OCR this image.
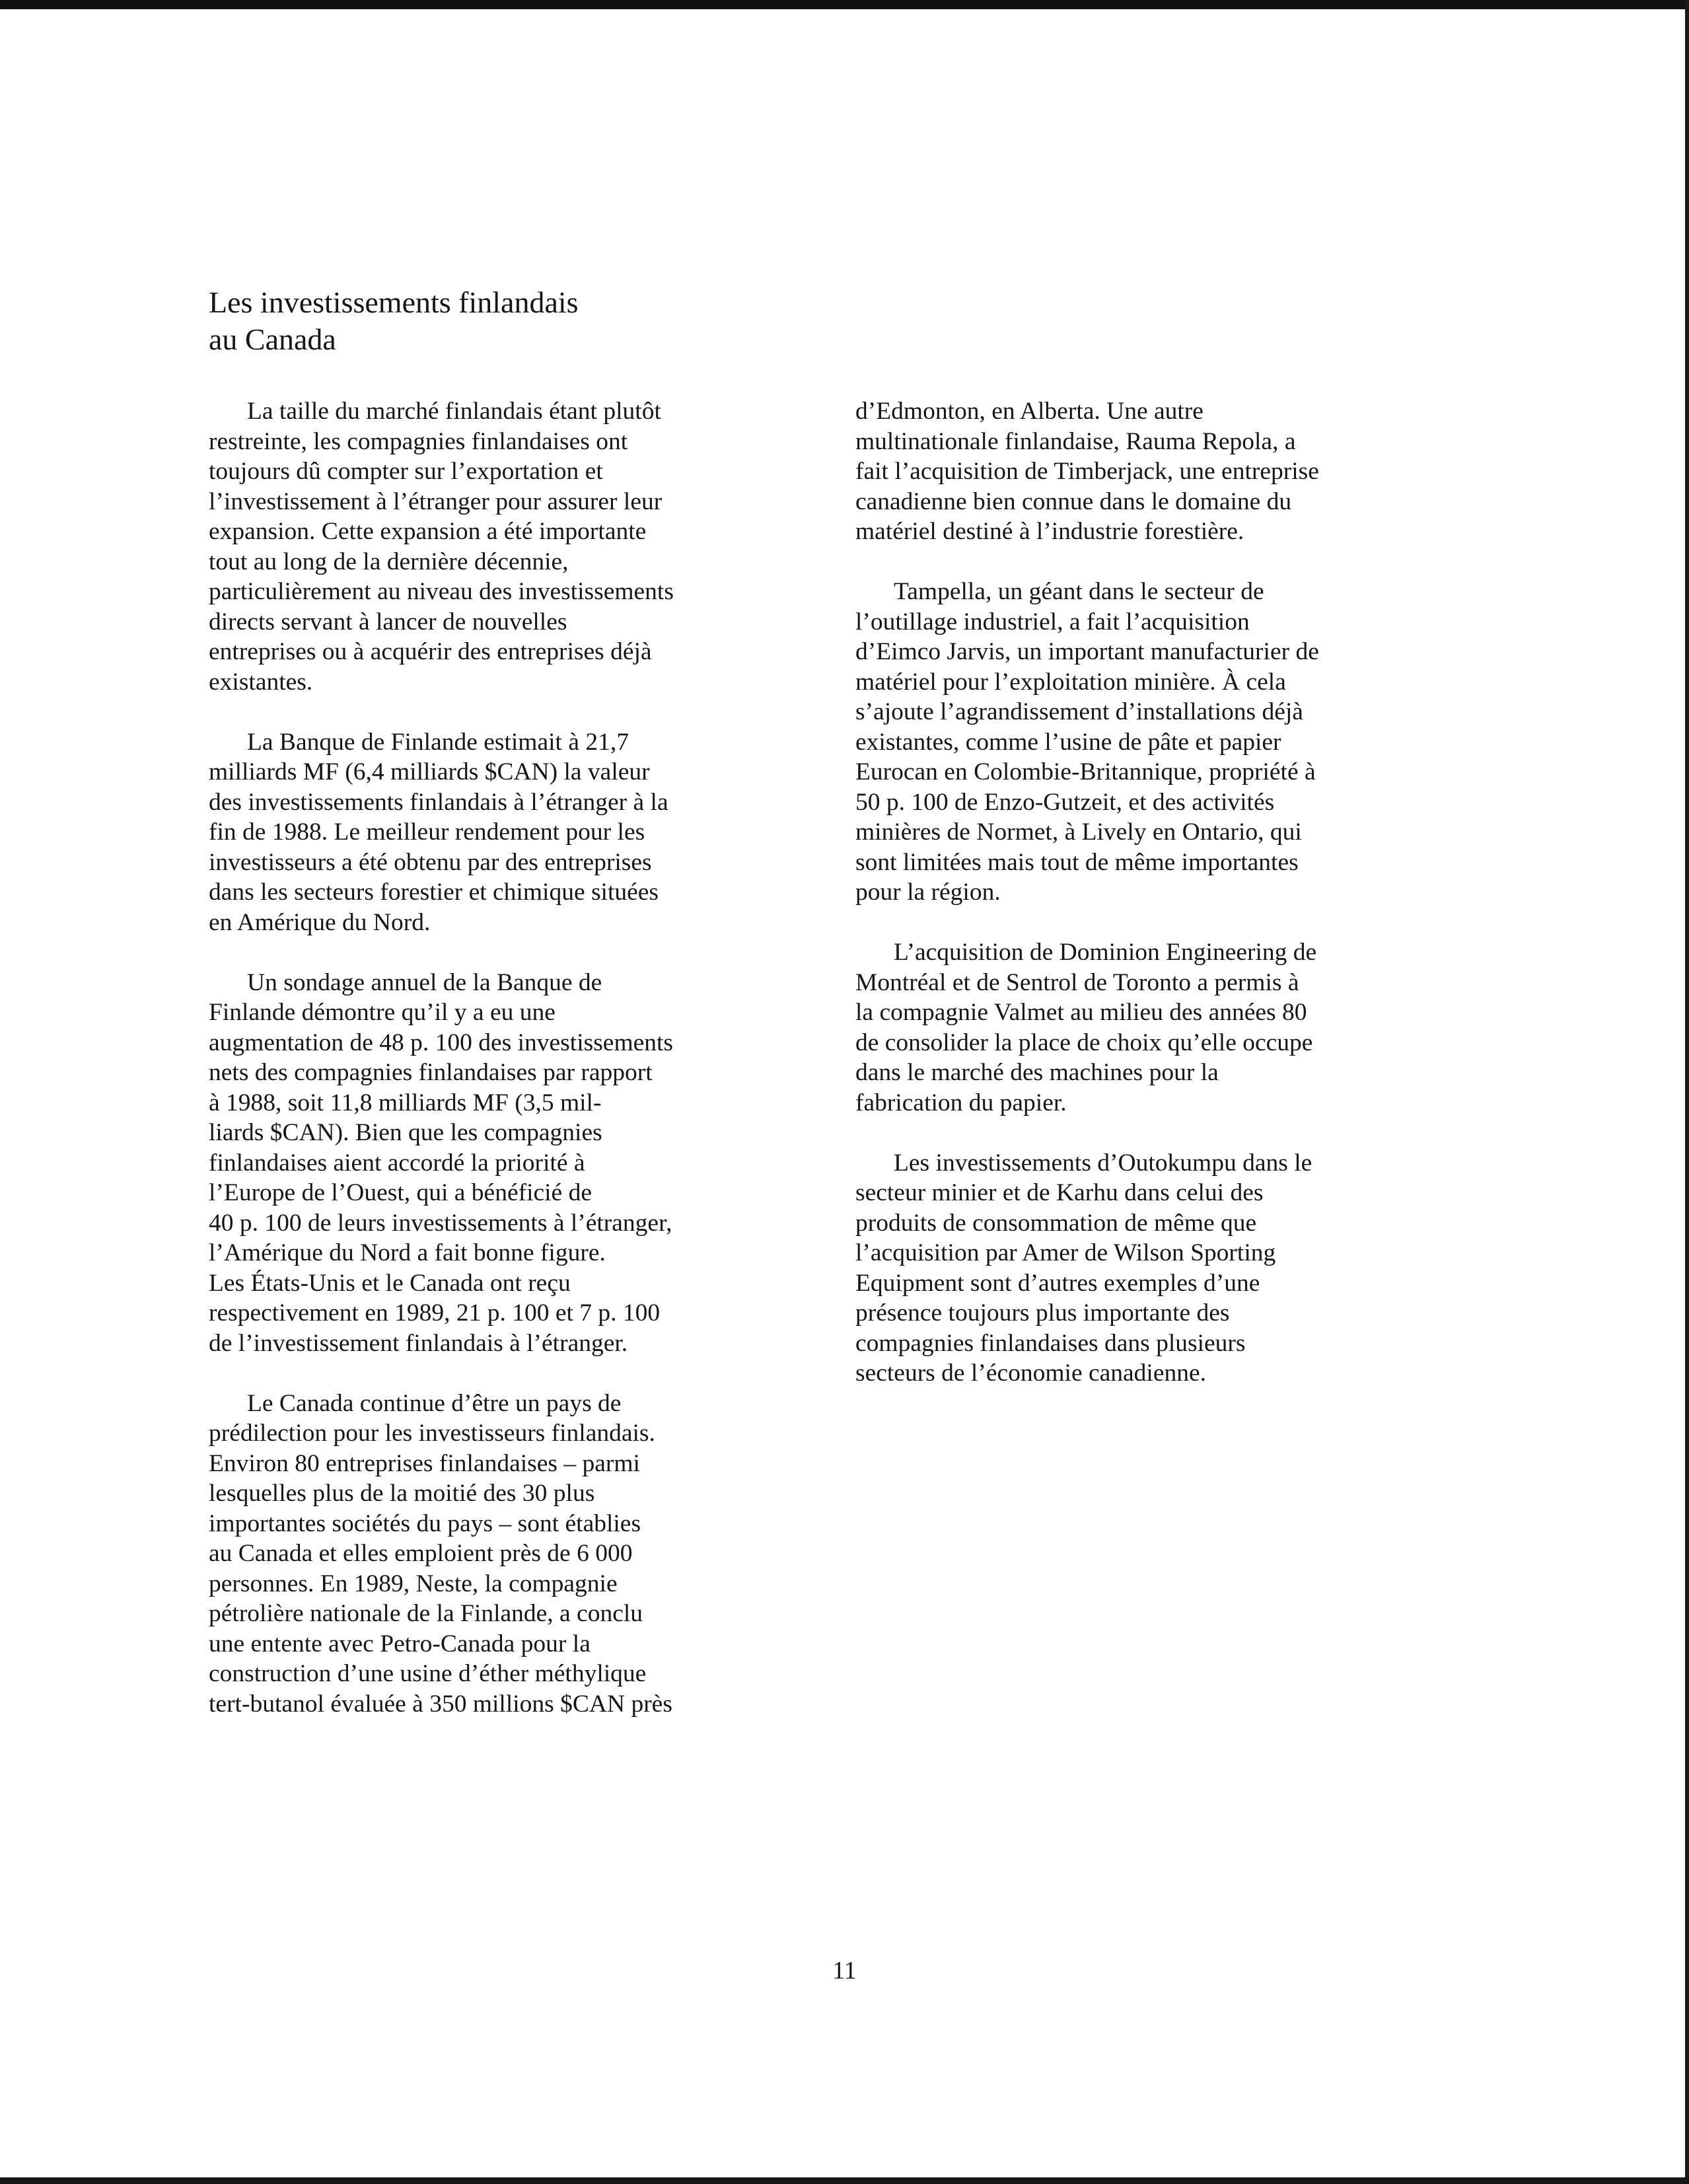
Les investissements finlandais
au Canada

La taille du marché finlandais étant plutôt
restreinte, les compagnies finlandaises ont
toujours dû compter sur l’exportation et
l’investissement à l’étranger pour assurer leur
expansion. Cette expansion a été importante
tout au long de la dernière décennie,
particulièrement au niveau des investissements
directs servant à lancer de nouvelles
entreprises ou à acquérir des entreprises déjà
existantes.

La Banque de Finlande estimait à 21,7
milliards MF (6,4 milliards $CAN) la valeur
des investissements finlandais à l’étranger à la
fin de 1988. Le meilleur rendement pour les
investisseurs a été obtenu par des entreprises
dans les secteurs forestier et chimique situées
en Amérique du Nord.

Un sondage annuel de la Banque de
Finlande démontre qu’il y a eu une
augmentation de 48 p. 100 des investissements
nets des compagnies finlandaises par rapport
à 1988, soit 11,8 milliards MF (3,5 mil-
liards $CAN). Bien que les compagnies
finlandaises aient accordé la priorité à
l’Europe de l’Ouest, qui a bénéficié de
40 p. 100 de leurs investissements à l’étranger,
l’Amérique du Nord a fait bonne figure.
Les États-Unis et le Canada ont reçu
respectivement en 1989, 21 p. 100 et 7 p. 100
de l’investissement finlandais à l’étranger.

Le Canada continue d’être un pays de
prédilection pour les investisseurs finlandais.
Environ 80 entreprises finlandaises – parmi
lesquelles plus de la moitié des 30 plus
importantes sociétés du pays – sont établies
au Canada et elles emploient près de 6 000
personnes. En 1989, Neste, la compagnie
pétrolière nationale de la Finlande, a conclu
une entente avec Petro-Canada pour la
construction d’une usine d’éther méthylique
tert-butanol évaluée à 350 millions $CAN près

d’Edmonton, en Alberta. Une autre
multinationale finlandaise, Rauma Repola, a
fait l’acquisition de Timberjack, une entreprise
canadienne bien connue dans le domaine du
matériel destiné à l’industrie forestière.

Tampella, un géant dans le secteur de
l’outillage industriel, a fait l’acquisition
d’Eimco Jarvis, un important manufacturier de
matériel pour l’exploitation minière. À cela
s’ajoute l’agrandissement d’installations déjà
existantes, comme l’usine de pâte et papier
Eurocan en Colombie-Britannique, propriété à
50 p. 100 de Enzo-Gutzeit, et des activités
minières de Normet, à Lively en Ontario, qui
sont limitées mais tout de même importantes
pour la région.

L’acquisition de Dominion Engineering de
Montréal et de Sentrol de Toronto a permis à
la compagnie Valmet au milieu des années 80
de consolider la place de choix qu’elle occupe
dans le marché des machines pour la
fabrication du papier.

Les investissements d’Outokumpu dans le
secteur minier et de Karhu dans celui des
produits de consommation de même que
l’acquisition par Amer de Wilson Sporting
Equipment sont d’autres exemples d’une
présence toujours plus importante des
compagnies finlandaises dans plusieurs
secteurs de l’économie canadienne.

11
